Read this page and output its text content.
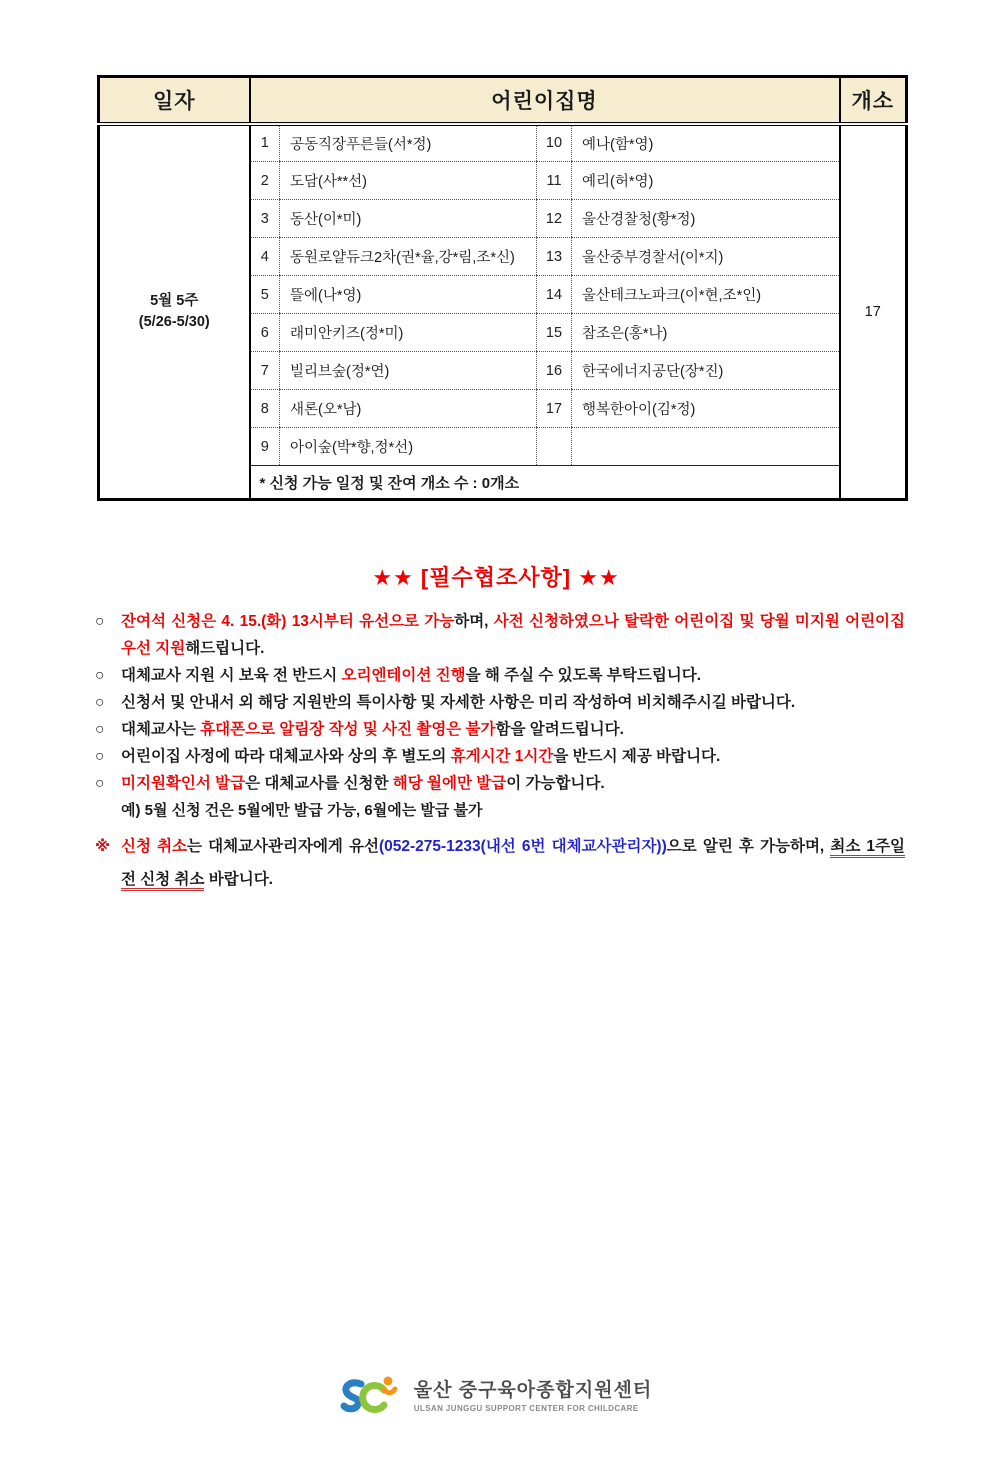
일자	어린이집명				개소

5월 5주
(5/26-5/30)	1	공동직장푸른들(서*정)	10	예나(함*영)	17
	2	도담(사**선)	11	예리(허*영)	
	3	동산(이*미)	12	울산경찰청(황*정)	
	4	동원로얄듀크2차(권*율,강*림,조*신)	13	울산중부경찰서(이*지)	
	5	뜰에(나*영)	14	울산테크노파크(이*현,조*인)	
	6	래미안키즈(정*미)	15	참조은(홍*나)	
	7	빌리브숲(정*연)	16	한국에너지공단(장*진)	
	8	새론(오*남)	17	행복한아이(김*정)	
	9	아이숲(박*향,정*선)			
	* 신청 가능 일정 및 잔여 개소 수 : 0개소				
★★ [필수협조사항] ★★
○	잔여석 신청은 4. 15.(화) 13시부터 유선으로 가능하며, 사전 신청하였으나 탈락한 어린이집 및 당월 미지원 어린이집 우선 지원해드립니다.
○	대체교사 지원 시 보육 전 반드시 오리엔테이션 진행을 해 주실 수 있도록 부탁드립니다.
○	신청서 및 안내서 외 해당 지원반의 특이사항 및 자세한 사항은 미리 작성하여 비치해주시길 바랍니다.
○	대체교사는 휴대폰으로 알림장 작성 및 사진 촬영은 불가함을 알려드립니다.
○	어린이집 사정에 따라 대체교사와 상의 후 별도의 휴게시간 1시간을 반드시 제공 바랍니다.
○	미지원확인서 발급은 대체교사를 신청한 해당 월에만 발급이 가능합니다.
예) 5월 신청 건은 5월에만 발급 가능, 6월에는 발급 불가
※ 신청 취소는 대체교사관리자에게 유선(052-275-1233(내선 6번 대체교사관리자))으로 알린 후 가능하며, 최소 1주일 전 신청 취소 바랍니다.
울산 중구육아종합지원센터
ULSAN JUNGGU SUPPORT CENTER FOR CHILDCARE
